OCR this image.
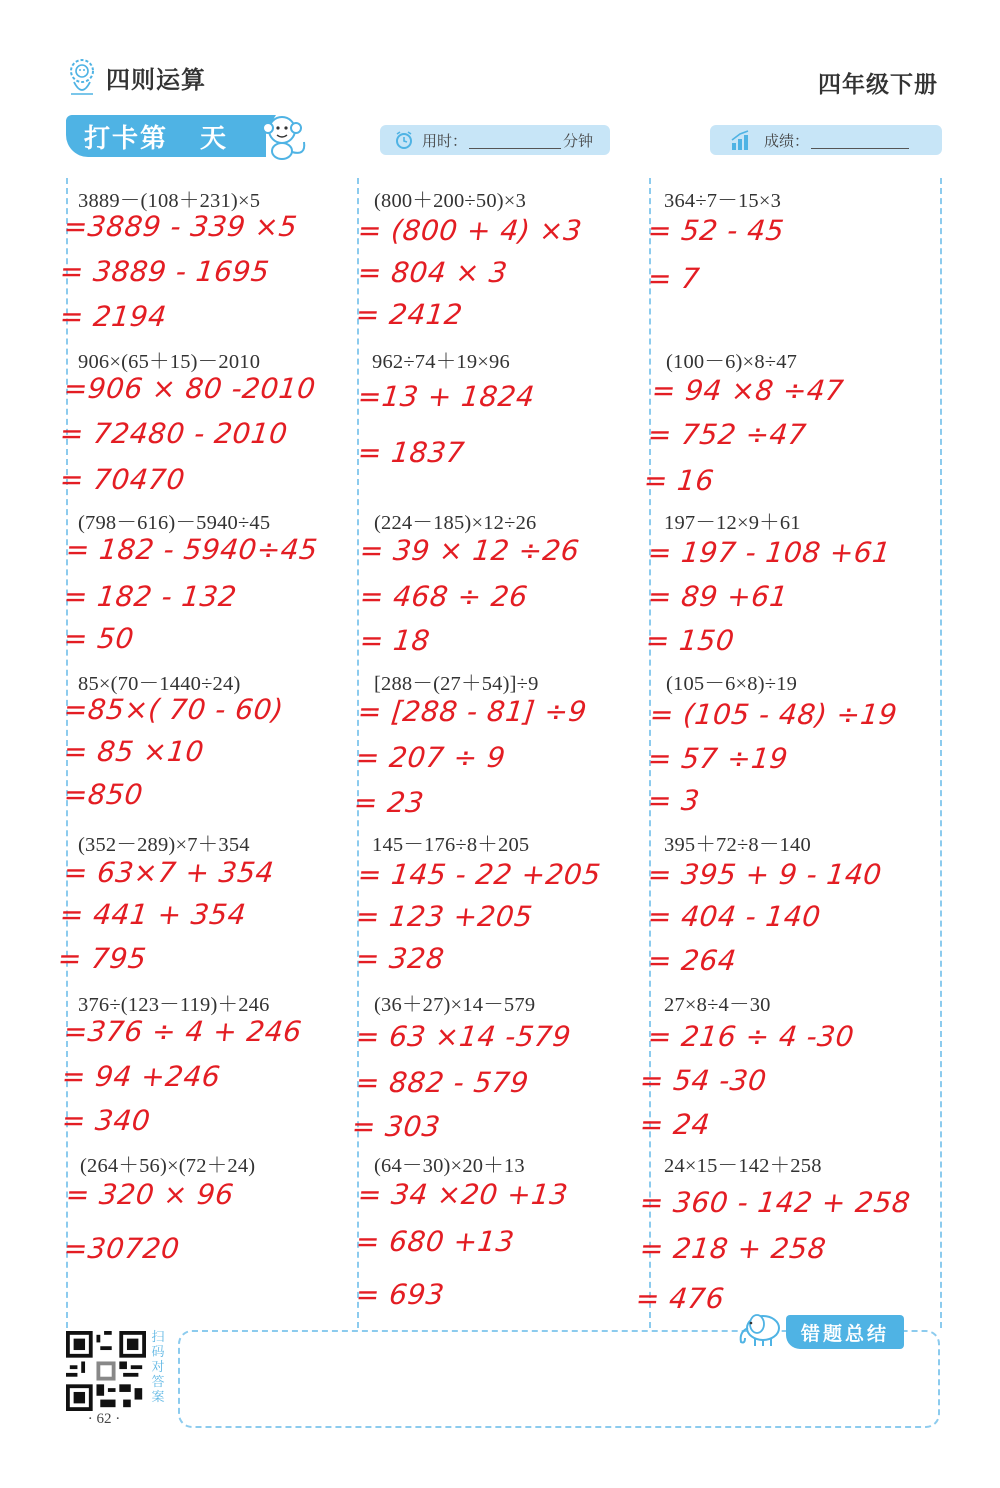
四则运算	四年级下册
打卡第 天	用时：	分钟	成绩：
3889－(108＋231)×5
=3889 - 339 ×5
= 3889 - 1695
= 2194
906×(65＋15)－2010
=906 × 80 -2010
= 72480 - 2010
= 70470
(798－616)－5940÷45
= 182 - 5940÷45
= 182 - 132
= 50
85×(70－1440÷24)
=85×( 70 - 60)
= 85 ×10
=850
(352－289)×7＋354
= 63×7 + 354
= 441 + 354
= 795
376÷(123－119)＋246
=376 ÷ 4 + 246
= 94 +246
= 340
(264＋56)×(72＋24)
= 320 × 96
=30720
(800＋200÷50)×3
= (800 + 4) ×3
= 804 × 3
= 2412
962÷74＋19×96
=13 + 1824
= 1837
(224－185)×12÷26
= 39 × 12 ÷26
= 468 ÷ 26
= 18
[288－(27＋54)]÷9
= [288 - 81] ÷9
= 207 ÷ 9
= 23
145－176÷8＋205
= 145 - 22 +205
= 123 +205
= 328
(36＋27)×14－579
= 63 ×14 -579
= 882 - 579
= 303
(64－30)×20＋13
= 34 ×20 +13
= 680 +13
= 693
364÷7－15×3
= 52 - 45
= 7
(100－6)×8÷47
= 94 ×8 ÷47
= 752 ÷47
= 16
197－12×9＋61
= 197 - 108 +61
= 89 +61
= 150
(105－6×8)÷19
= (105 - 48) ÷19
= 57 ÷19
= 3
395＋72÷8－140
= 395 + 9 - 140
= 404 - 140
= 264
27×8÷4－30
= 216 ÷ 4 -30
= 54 -30
= 24
24×15－142＋258
= 360 - 142 + 258
= 218 + 258
= 476
扫码对答案
· 62 ·
错题总结
